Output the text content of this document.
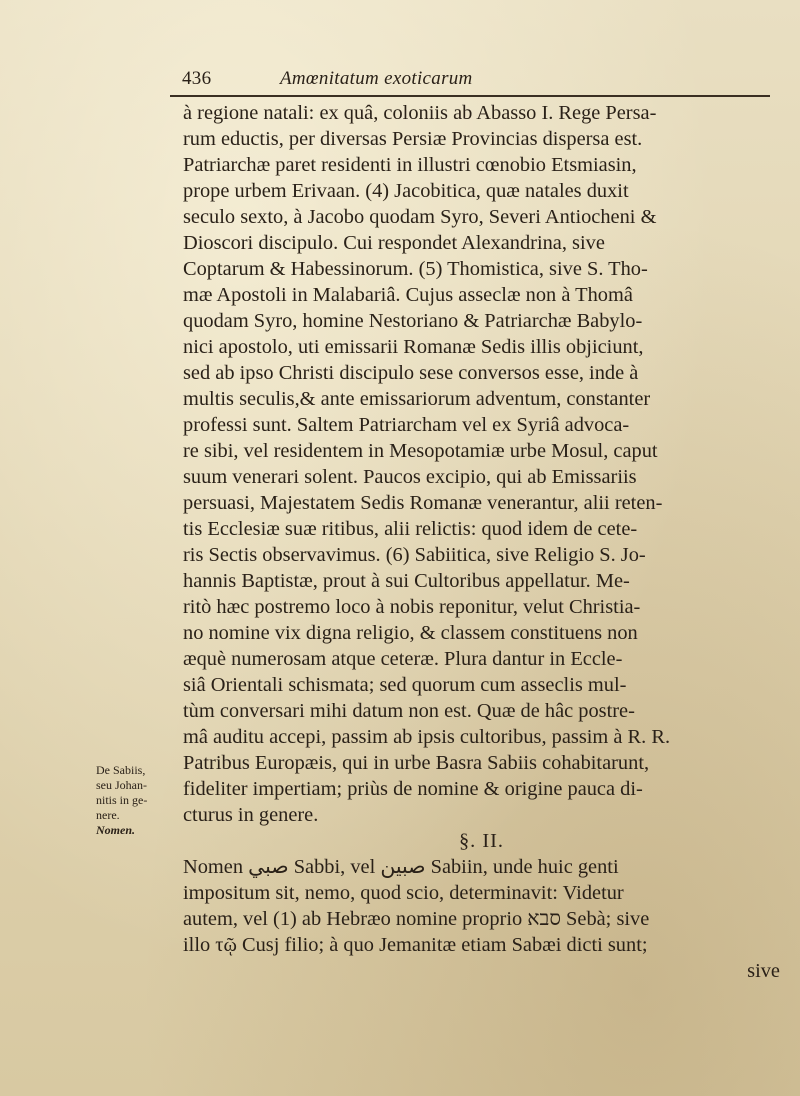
436	Amœnitatum exoticarum
à regione natali: ex quâ, coloniis ab Abasso I. Rege Persa-
rum eductis, per diversas Persiæ Provincias dispersa est.
Patriarchæ paret residenti in illustri cœnobio Etsmiasin,
prope urbem Erivaan. (4) Jacobitica, quæ natales duxit
seculo sexto, à Jacobo quodam Syro, Severi Antiocheni &
Dioscori discipulo. Cui respondet Alexandrina, sive
Coptarum & Habessinorum. (5) Thomistica, sive S. Tho-
mæ Apostoli in Malabariâ. Cujus asseclæ non à Thomâ
quodam Syro, homine Nestoriano & Patriarchæ Babylo-
nici apostolo, uti emissarii Romanæ Sedis illis objiciunt,
sed ab ipso Christi discipulo sese conversos esse, inde à
multis seculis,& ante emissariorum adventum, constanter
professi sunt. Saltem Patriarcham vel ex Syriâ advoca-
re sibi, vel residentem in Mesopotamiæ urbe Mosul, caput
suum venerari solent. Paucos excipio, qui ab Emissariis
persuasi, Majestatem Sedis Romanæ venerantur, alii reten-
tis Ecclesiæ suæ ritibus, alii relictis: quod idem de cete-
ris Sectis observavimus. (6) Sabiitica, sive Religio S. Jo-
hannis Baptistæ, prout à sui Cultoribus appellatur. Me-
ritò hæc postremo loco à nobis reponitur, velut Christia-
no nomine vix digna religio, & classem constituens non
æquè numerosam atque ceteræ. Plura dantur in Eccle-
siâ Orientali schismata; sed quorum cum asseclis mul-
tùm conversari mihi datum non est. Quæ de hâc postre-
mâ auditu accepi, passim ab ipsis cultoribus, passim à R. R.
Patribus Europæis, qui in urbe Basra Sabiis cohabitarunt,
fideliter impertiam; priùs de nomine & origine pauca di-
cturus in genere.
§. II.
Nomen صبي Sabbi, vel صبين Sabiin, unde huic genti
impositum sit, nemo, quod scio, determinavit: Videtur
autem, vel (1) ab Hebræo nomine proprio סבא Sebà; sive
illo τῷ Cusj filio; à quo Jemanitæ etiam Sabæi dicti sunt;
sive
De Sabiis,
seu Johan-
nitis in ge-
nere.
Nomen.
